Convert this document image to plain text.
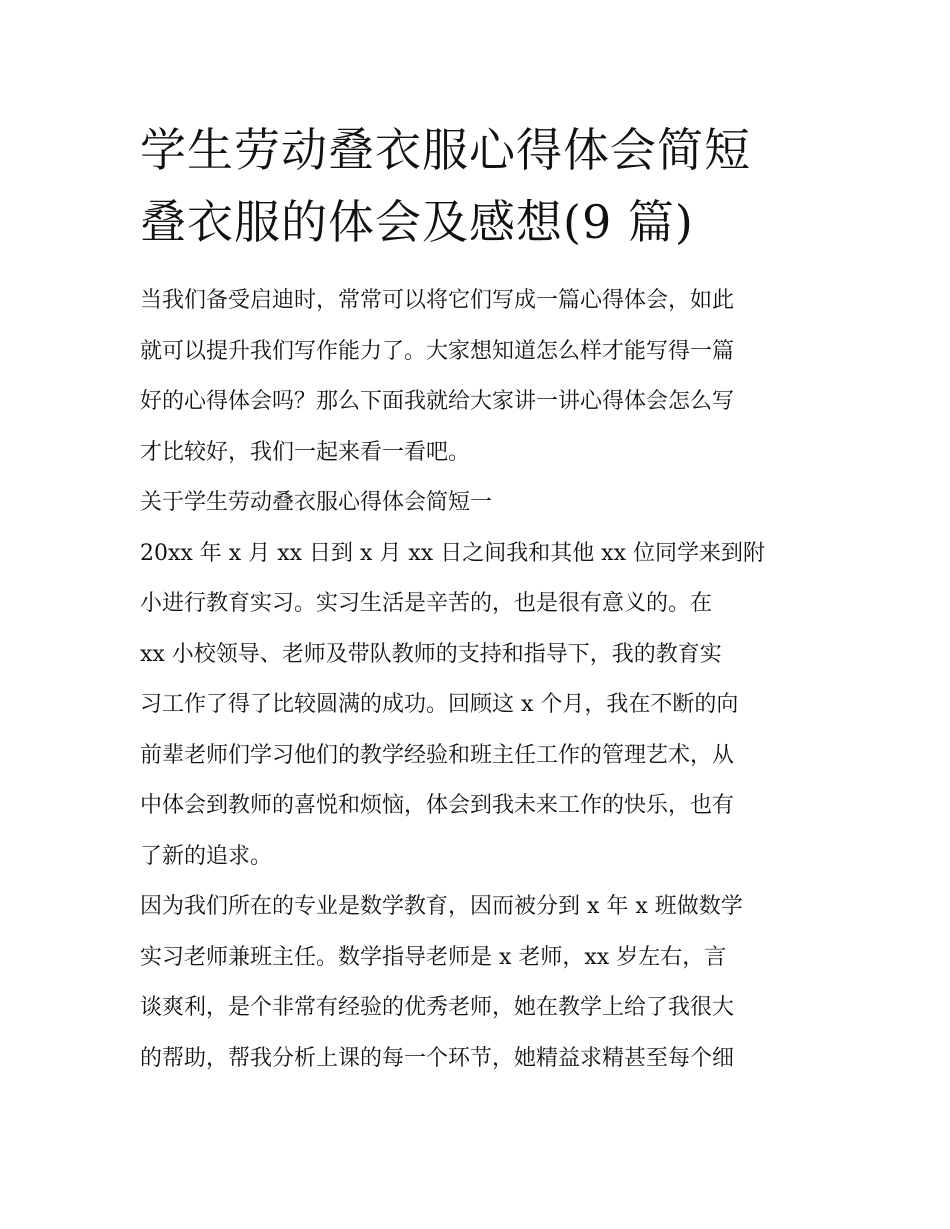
学生劳动叠衣服心得体会简短
叠衣服的体会及感想(9 篇)

当我们备受启迪时，常常可以将它们写成一篇心得体会，如此
就可以提升我们写作能力了。大家想知道怎么样才能写得一篇
好的心得体会吗？那么下面我就给大家讲一讲心得体会怎么写
才比较好，我们一起来看一看吧。

关于学生劳动叠衣服心得体会简短一

20xx 年 x 月 xx 日到 x 月 xx 日之间我和其他 xx 位同学来到附
小进行教育实习。实习生活是辛苦的，也是很有意义的。在
xx 小校领导、老师及带队教师的支持和指导下，我的教育实
习工作了得了比较圆满的成功。回顾这 x 个月，我在不断的向
前辈老师们学习他们的教学经验和班主任工作的管理艺术，从
中体会到教师的喜悦和烦恼，体会到我未来工作的快乐，也有
了新的追求。

因为我们所在的专业是数学教育，因而被分到 x 年 x 班做数学
实习老师兼班主任。数学指导老师是 x 老师，xx 岁左右，言
谈爽利，是个非常有经验的优秀老师，她在教学上给了我很大
的帮助，帮我分析上课的每一个环节，她精益求精甚至每个细
